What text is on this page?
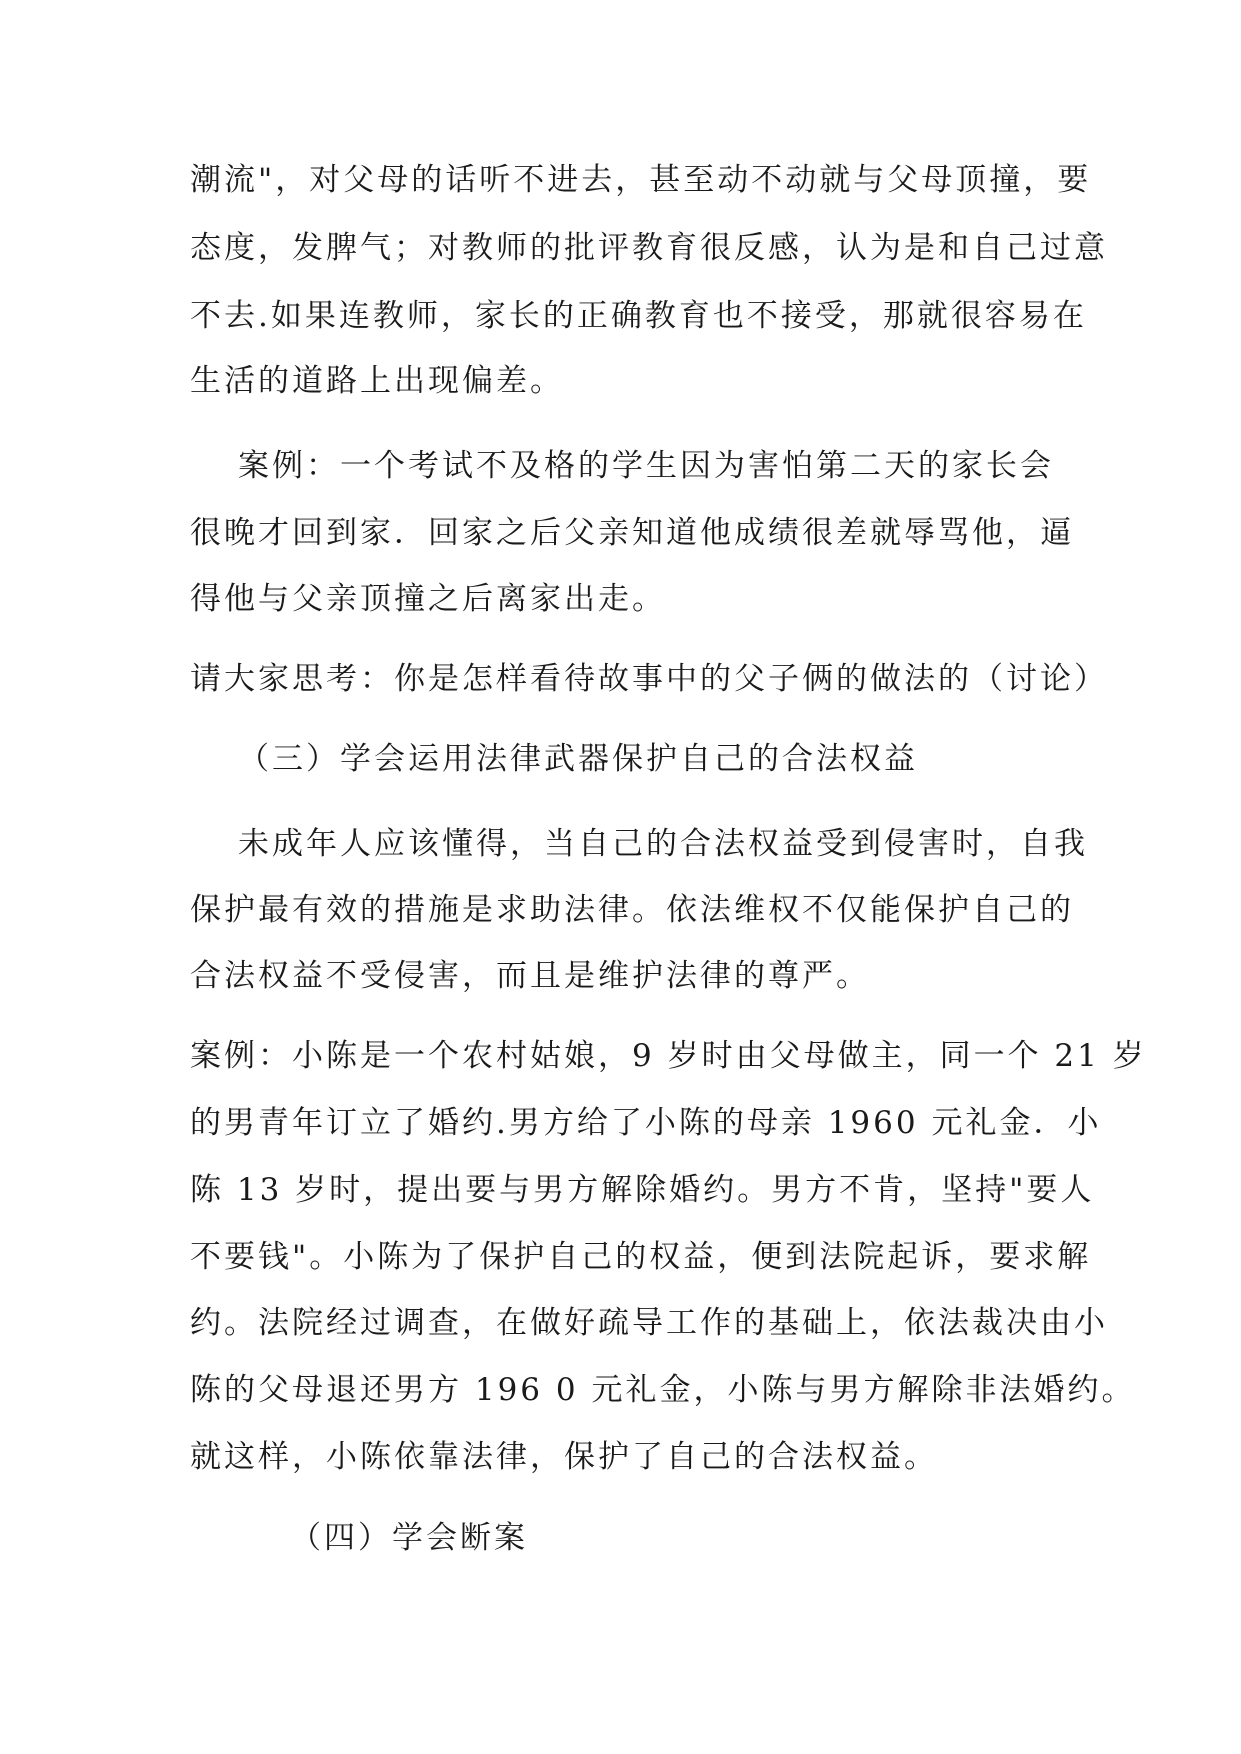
潮流"，对父母的话听不进去，甚至动不动就与父母顶撞，要
态度，发脾气；对教师的批评教育很反感，认为是和自己过意
不去.如果连教师，家长的正确教育也不接受，那就很容易在
生活的道路上出现偏差。
案例：一个考试不及格的学生因为害怕第二天的家长会
很晚才回到家．回家之后父亲知道他成绩很差就辱骂他，逼
得他与父亲顶撞之后离家出走。
请大家思考：你是怎样看待故事中的父子俩的做法的（讨论）
（三）学会运用法律武器保护自己的合法权益
未成年人应该懂得，当自己的合法权益受到侵害时，自我
保护最有效的措施是求助法律。依法维权不仅能保护自己的
合法权益不受侵害，而且是维护法律的尊严。
案例：小陈是一个农村姑娘，9 岁时由父母做主，同一个 21 岁
的男青年订立了婚约.男方给了小陈的母亲 1960 元礼金．小
陈 13 岁时，提出要与男方解除婚约。男方不肯，坚持"要人
不要钱"。小陈为了保护自己的权益，便到法院起诉，要求解
约。法院经过调查，在做好疏导工作的基础上，依法裁决由小
陈的父母退还男方 196 0 元礼金，小陈与男方解除非法婚约。
就这样，小陈依靠法律，保护了自己的合法权益。
（四）学会断案
